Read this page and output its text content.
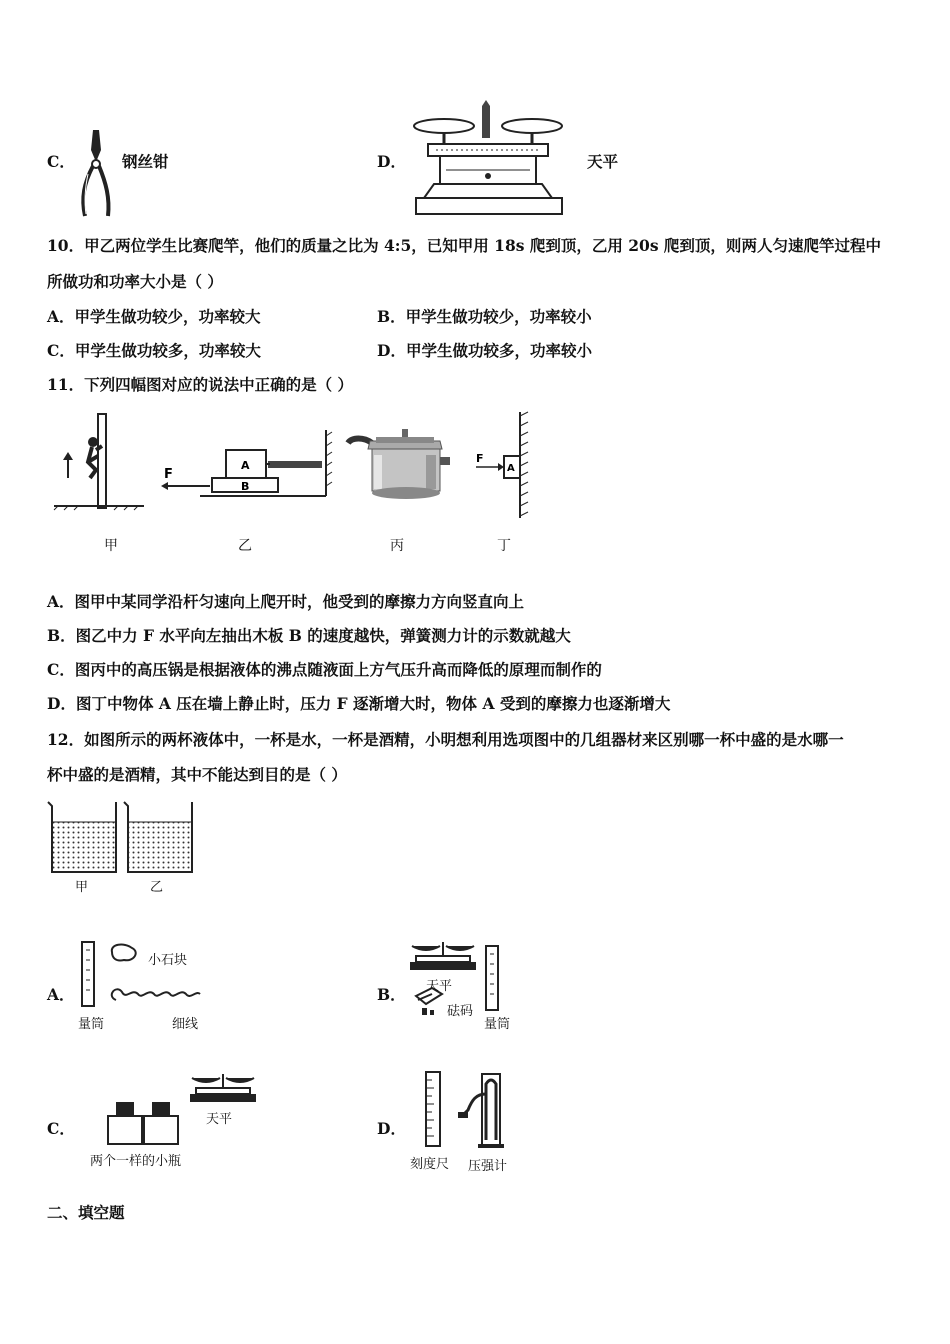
C．	钢丝钳	D．	天平
10．甲乙两位学生比赛爬竿，他们的质量之比为 4:5，已知甲用 18s 爬到顶，乙用 20s 爬到顶，则两人匀速爬竿过程中
所做功和功率大小是（ ）
A．甲学生做功较少，功率较大	B．甲学生做功较少，功率较小
C．甲学生做功较多，功率较大	D．甲学生做功较多，功率较小
11．下列四幅图对应的说法中正确的是（ ）
F
A
B
F
A
甲	乙	丙	丁
A．图甲中某同学沿杆匀速向上爬开时，他受到的摩擦力方向竖直向上
B．图乙中力 F 水平向左抽出木板 B 的速度越快，弹簧测力计的示数就越大
C．图丙中的高压锅是根据液体的沸点随液面上方气压升高而降低的原理而制作的
D．图丁中物体 A 压在墙上静止时，压力 F 逐渐增大时，物体 A 受到的摩擦力也逐渐增大
12．如图所示的两杯液体中，一杯是水，一杯是酒精，小明想利用选项图中的几组器材来区别哪一杯中盛的是水哪一
杯中盛的是酒精，其中不能达到目的是（ ）
甲	乙
A．
小石块
量筒	细线
B． 天平
砝码
量筒
C．	天平
两个一样的小瓶
D．
刻度尺 压强计
二、填空题
